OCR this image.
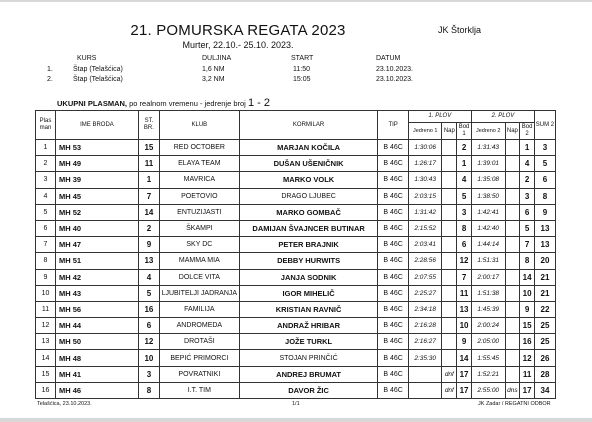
21. POMURSKA REGATA 2023
Murter, 22.10.- 25.10. 2023.
JK Štorklja
KURS	DULJINA	START	DATUM
1.	Štap (Telašćica)	1,6 NM	11:50	23.10.2023.
2.	Štap (Telašćica)	3,2 NM	15:05	23.10.2023.
UKUPNI PLASMAN, po realnom vremenu - jedrenje broj 1 - 2
Plas man	IME BRODA	ST. BR.	KLUB	KORMILAR	TIP	1. PLOV			2. PLOV			SUM 2
						Jedreno 1	Nap	Bod 1	Jedreno 2	Nap	Bod 2	
1	MH 53	15	RED OCTOBER	MARJAN KOČILA	B 46C	1:30:06		2	1:31:43		1	3
2	MH 49	11	ELAYA TEAM	DUŠAN UŠENIČNIK	B 46C	1:26:17		1	1:39:01		4	5
3	MH 39	1	MAVRICA	MARKO VOLK	B 46C	1:30:43		4	1:35:08		2	6
4	MH 45	7	POETOVIO	DRAGO LJUBEC	B 46C	2:03:15		5	1:38:50		3	8
5	MH 52	14	ENTUZIJASTI	MARKO GOMBAČ	B 46C	1:31:42		3	1:42:41		6	9
6	MH 40	2	ŠKAMPI	DAMIJAN ŠVAJNCER BUTINAR	B 46C	2:15:52		8	1:42:40		5	13
7	MH 47	9	SKY DC	PETER BRAJNIK	B 46C	2:03:41		6	1:44:14		7	13
8	MH 51	13	MAMMA MIA	DEBBY HURWITS	B 46C	2:28:56		12	1:51:31		8	20
9	MH 42	4	DOLCE VITA	JANJA SODNIK	B 46C	2:07:55		7	2:00:17		14	21
10	MH 43	5	LJUBITELJI JADRANJA	IGOR MIHELIČ	B 46C	2:25:27		11	1:51:38		10	21
11	MH 56	16	FAMILIJA	KRISTIAN RAVNIČ	B 46C	2:34:18		13	1:45:39		9	22
12	MH 44	6	ANDROMEDA	ANDRAŽ HRIBAR	B 46C	2:16:28		10	2:00:24		15	25
13	MH 50	12	DROTAŠI	JOŽE TURKL	B 46C	2:16:27		9	2:05:00		16	25
14	MH 48	10	BEPIĆ PRIMORCI	STOJAN PRINČIĆ	B 46C	2:35:30		14	1:55:45		12	26
15	MH 41	3	POVRATNIKI	ANDREJ BRUMAT	B 46C		dnf	17	1:52:21		11	28
16	MH 46	8	I.T. TIM	DAVOR ŽIC	B 46C		dnf	17	2:55:00	dns	17	34
Telašćica, 23.10.2023.	1/1	JK Zadar / REGATNI ODBOR
